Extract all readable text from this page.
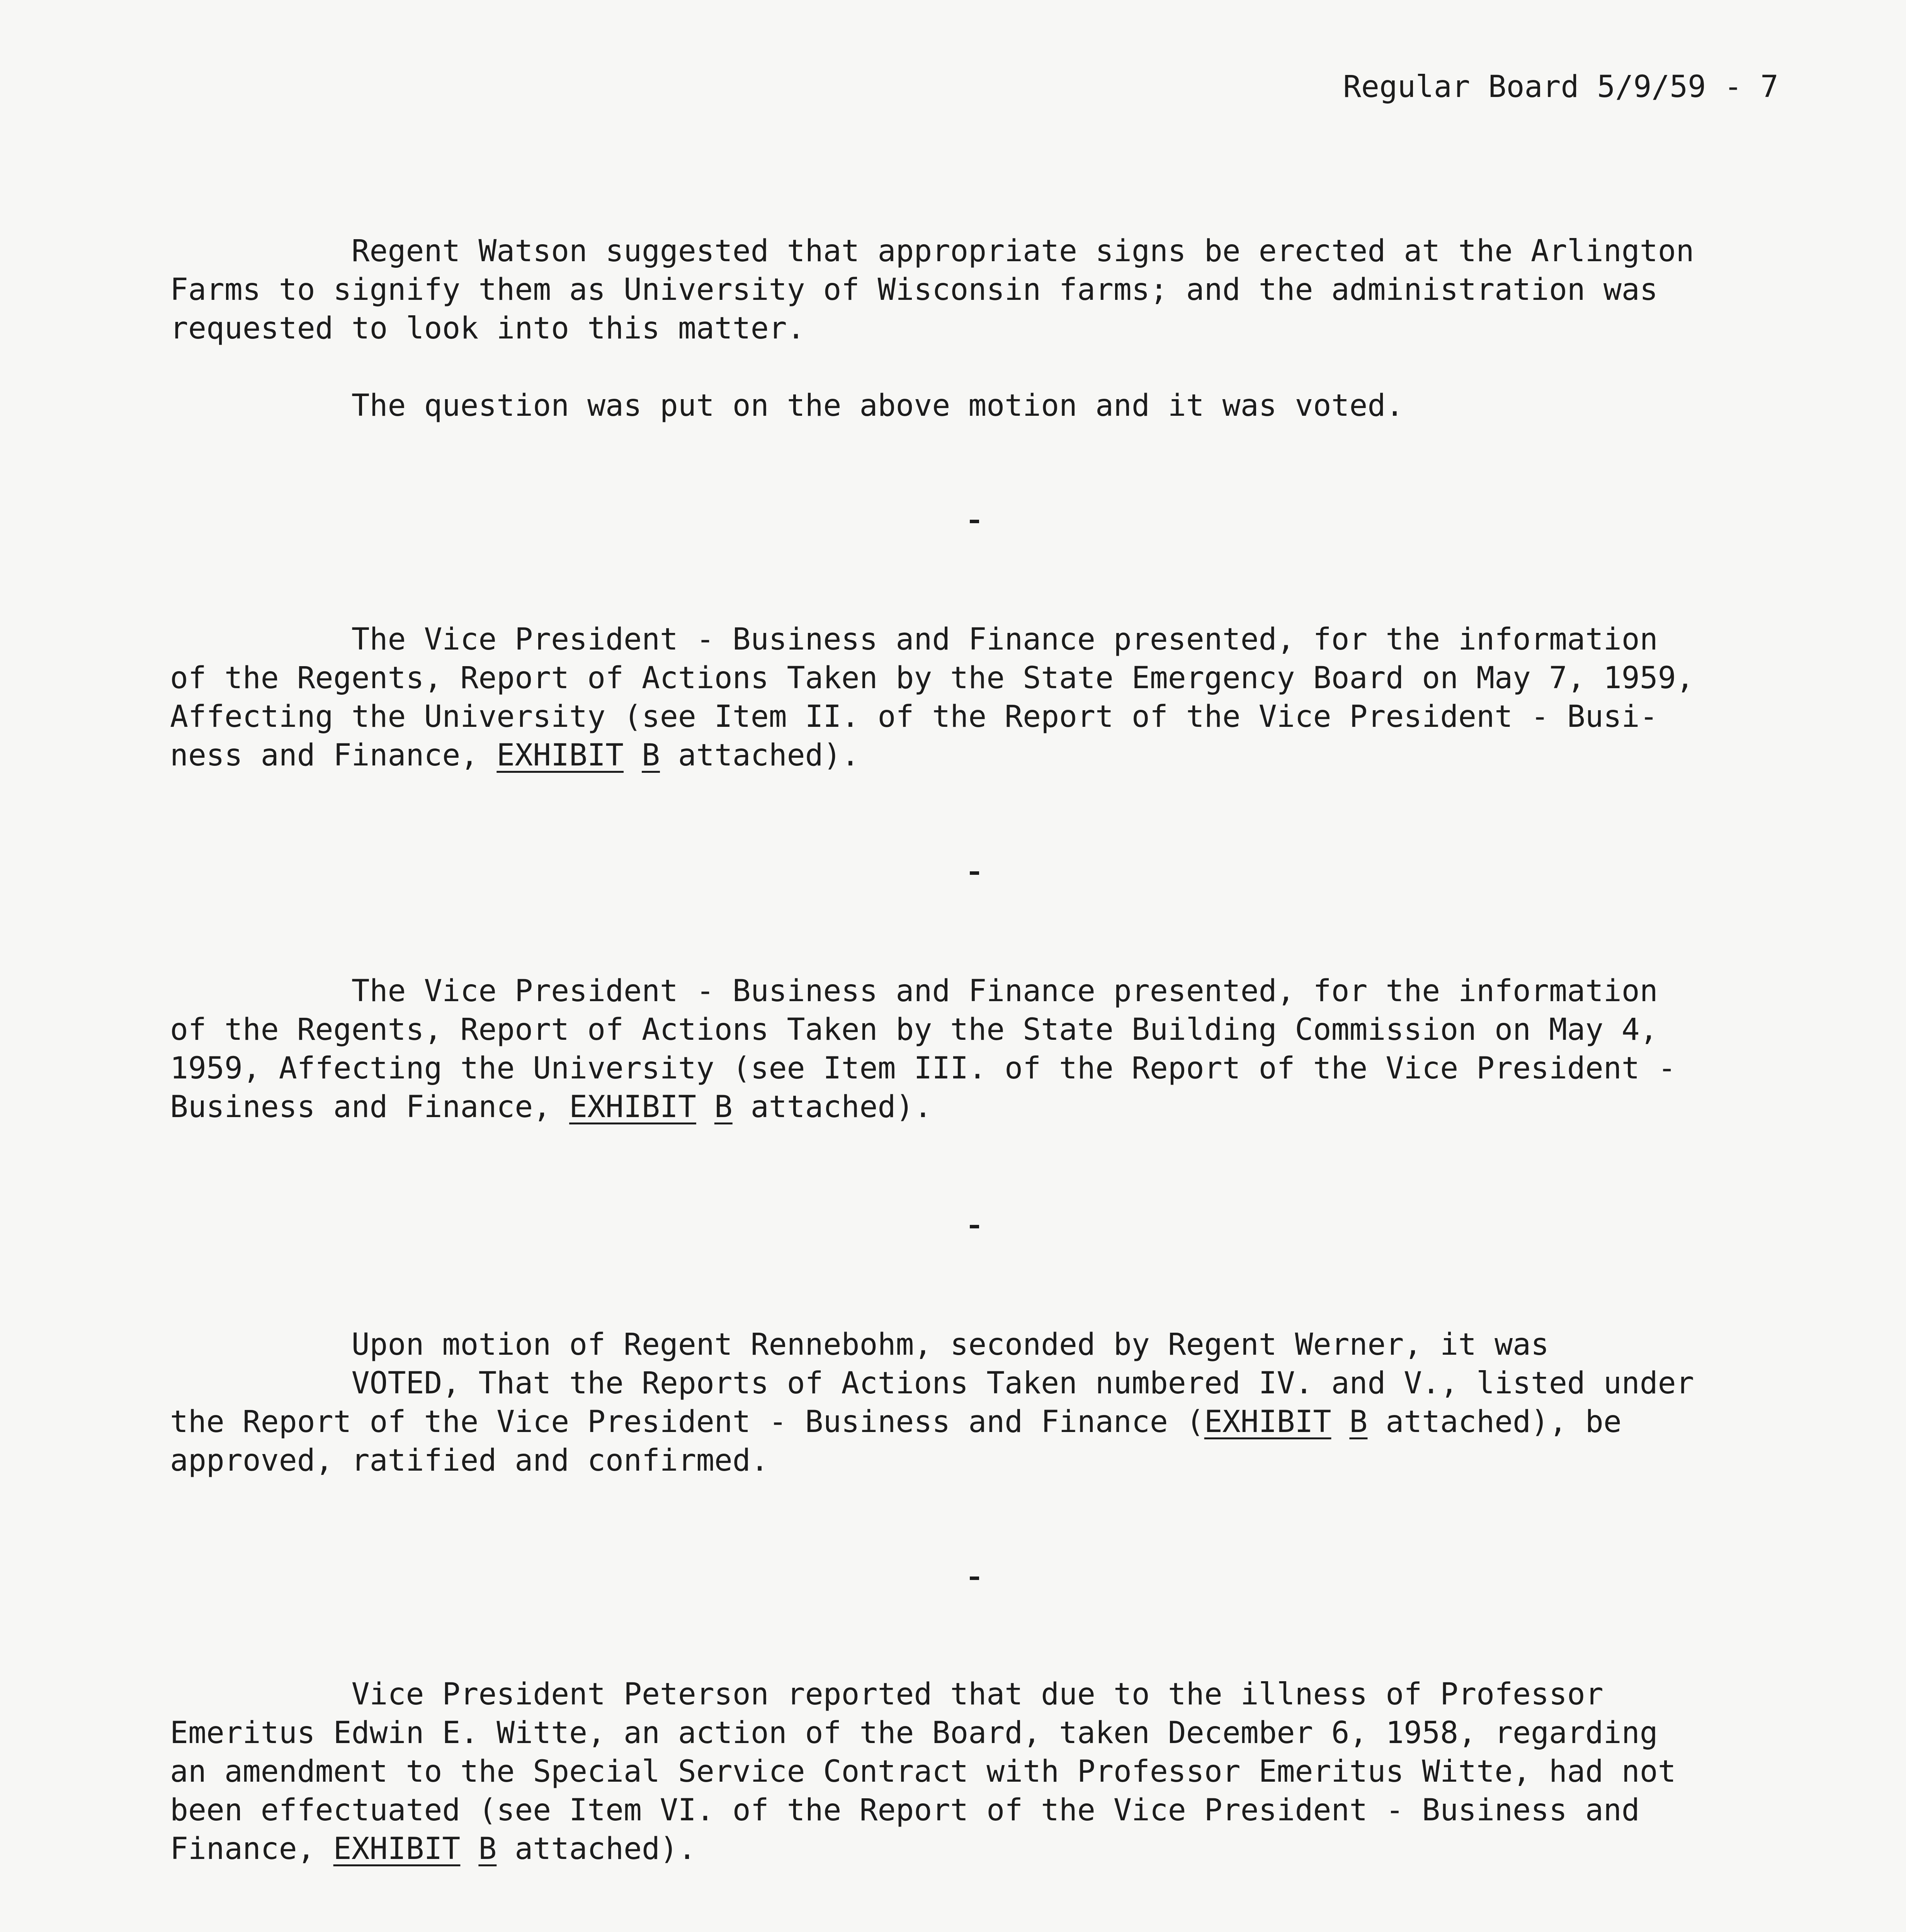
Regular Board 5/9/59 - 7
Regent Watson suggested that appropriate signs be erected at the Arlington
Farms to signify them as University of Wisconsin farms; and the administration was
requested to look into this matter.
The question was put on the above motion and it was voted.
The Vice President - Business and Finance presented, for the information
of the Regents, Report of Actions Taken by the State Emergency Board on May 7, 1959,
Affecting the University (see Item II. of the Report of the Vice President - Busi-
ness and Finance, EXHIBIT B attached).
The Vice President - Business and Finance presented, for the information
of the Regents, Report of Actions Taken by the State Building Commission on May 4,
1959, Affecting the University (see Item III. of the Report of the Vice President -
Business and Finance, EXHIBIT B attached).
Upon motion of Regent Rennebohm, seconded by Regent Werner, it was
VOTED, That the Reports of Actions Taken numbered IV. and V., listed under
the Report of the Vice President - Business and Finance (EXHIBIT B attached), be
approved, ratified and confirmed.
Vice President Peterson reported that due to the illness of Professor
Emeritus Edwin E. Witte, an action of the Board, taken December 6, 1958, regarding
an amendment to the Special Service Contract with Professor Emeritus Witte, had not
been effectuated (see Item VI. of the Report of the Vice President - Business and
Finance, EXHIBIT B attached).
